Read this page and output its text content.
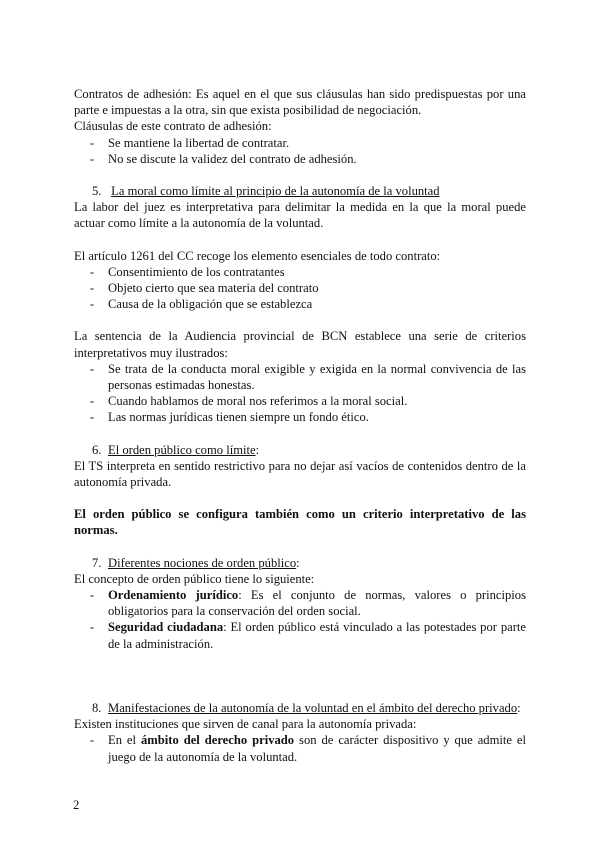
Contratos de adhesión: Es aquel en el que sus cláusulas han sido predispuestas por una parte e impuestas a la otra, sin que exista posibilidad de negociación.

Cláusulas de este contrato de adhesión:

- Se mantiene la libertad de contratar.
- No se discute la validez del contrato de adhesión.
5. La moral como límite al principio de la autonomía de la voluntad

La labor del juez es interpretativa para delimitar la medida en la que la moral puede actuar como límite a la autonomía de la voluntad.

El artículo 1261 del CC recoge los elemento esenciales de todo contrato:

- Consentimiento de los contratantes
- Objeto cierto que sea materia del contrato
- Causa de la obligación que se establezca

La sentencia de la Audiencia provincial de BCN establece una serie de criterios interpretativos muy ilustrados:

- Se trata de la conducta moral exigible y exigida en la normal convivencia de las personas estimadas honestas.
- Cuando hablamos de moral nos referimos a la moral social.
- Las normas jurídicas tienen siempre un fondo ético.
6. El orden público como límite:

El TS interpreta en sentido restrictivo para no dejar así vacíos de contenidos dentro de la autonomía privada.

El orden público se configura también como un criterio interpretativo de las normas.

7. Diferentes nociones de orden público:

El concepto de orden público tiene lo siguiente:

- Ordenamiento jurídico: Es el conjunto de normas, valores o principios obligatorios para la conservación del orden social.
- Seguridad ciudadana: El orden público está vinculado a las potestades por parte de la administración.
8. Manifestaciones de la autonomía de la voluntad en el ámbito del derecho privado:

Existen instituciones que sirven de canal para la autonomía privada:

- En el ámbito del derecho privado son de carácter dispositivo y que admite el juego de la autonomía de la voluntad.
2
